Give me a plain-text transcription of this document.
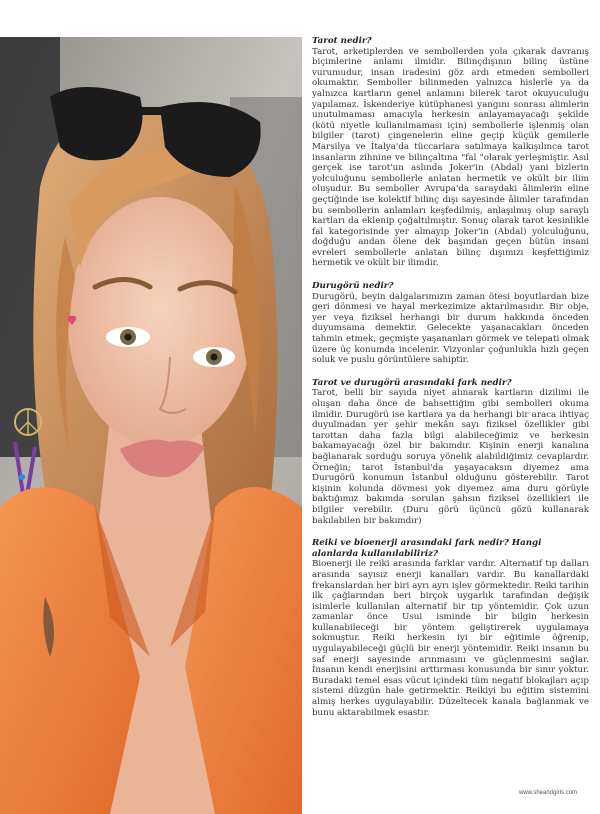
Tarot nedir?

Tarot, arketiplerden ve sembollerden yola çıkarak davranış biçimlerine anlamı ilmidir. Bilinçdışının bilinç üstüne vurumudur, insan iradesini göz ardı etmeden sembolleri okumaktır. Semboller bilinmeden yalnızca hislerle ya da yalnızca kartların genel anlamını bilerek tarot okuyuculuğu yapılamaz. İskenderiye kütüphanesi yangını sonrası alimlerin unutulmaması amacıyla herkesin anlayamayacağı şekilde (kötü niyetle kullanılmaması için) sembollerle işlenmiş olan bilgiler (tarot) çingenelerin eline geçip küçük gemilerle Marsilya ve İtalya'da tüccarlara satılmaya kalkışılınca tarot insanların zihnine ve bilinçaltına "fal "olarak yerleşmiştir. Asıl gerçek ise tarot'un aslında Joker'in (Abdal) yani bizlerin yolculuğunu sembollerle anlatan hermetik ve okült bir ilim oluşudur. Bu semboller Avrupa'da saraydaki âlimlerin eline geçtiğinde ise kolektif bilinç dışı sayesinde âlimler tarafından bu sembollerin anlamları keşfedilmiş, anlaşılmış olup saraylı kartları da eklenip çoğaltılmıştır. Sonuç olarak tarot kesinlikle fal kategorisinde yer almayıp Joker'in (Abdal) yolculuğunu, doğduğu andan ölene dek başından geçen bütün insani evreleri sembollerle anlatan bilinç dışımızı keşfettiğimiz hermetik ve okült bir ilimdir.

Durugörü nedir?

Durugörü, beyin dalgalarımızın zaman ötesi boyutlardan bize geri dönmesi ve hayal merkezimize aktarılmasıdır. Bir obje, yer veya fiziksel herhangi bir durum hakkında önceden duyumsama demektir. Gelecekte yaşanacakları önceden tahmin etmek, geçmişte yaşananları görmek ve telepati olmak üzere üç konumda incelenir. Vizyonlar çoğunlukla hızlı geçen soluk ve puslu görüntülere sahiptir.

Tarot ve durugörü arasındaki fark nedir?

Tarot, belli bir sayıda niyet alınarak kartların dizilimi ile oluşan daha önce de bahsettiğim gibi sembolleri okuma ilmidir. Durugörü ise kartlara ya da herhangi bir araca ihtiyaç duyulmadan yer şehir mekân sayı fiziksel özellikler gibi tarottan daha fazla bilgi alabileceğimiz ve herkesin bakamayacağı özel bir bakımdır. Kişinin enerji kanalına bağlanarak sorduğu soruya yönelik alabildiğimiz cevaplardır. Örneğin; tarot İstanbul'da yaşayacaksın diyemez ama Durugörü konumun İstanbul olduğunu gösterebilir. Tarot kişinin kolunda dövmesi yok diyemez ama duru görüyle baktığımız bakımda sorulan şahsın fiziksel özellikleri ile bilgiler verebilir. (Duru görü üçüncü gözü kullanarak bakılabilen bir bakımdır)

Reiki ve bioenerji arasındaki fark nedir? Hangi alanlarda kullanılabiliriz?

Bioenerji ile reiki arasında farklar vardır. Alternatif tıp dalları arasında sayısız enerji kanalları vardır. Bu kanallardaki frekanslardan her biri ayrı ayrı işlev görmektedir. Reiki tarihin ilk çağlarından beri birçok uygarlık tarafından değişik isimlerle kullanılan alternatif bir tıp yöntemidir. Çok uzun zamanlar önce Usui isminde bir bilgin herkesin kullanabileceği bir yöntem geliştirerek uygulamaya sokmuştur. Reiki herkesin iyi bir eğitimle öğrenip, uygulayabileceği güçlü bir enerji yöntemidir. Reiki insanın bu saf enerji sayesinde arınmasını ve güçlenmesini sağlar. İnsanın kendi enerjisini arttırması konusunda bir sınır yoktur. Buradaki temel esas vücut içindeki tüm negatif blokajları açıp sistemi düzgün hale getirmektir. Reikiyi bu eğitim sistemini almış herkes uygulayabilir. Düzeltecek kanala bağlanmak ve bunu aktarabilmek esastır.

www.sheandgirls.com
